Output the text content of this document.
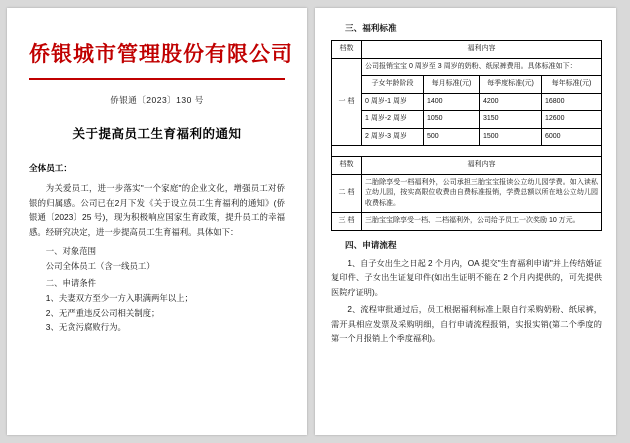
侨银城市管理股份有限公司
侨银通〔2023〕130 号
关于提高员工生育福利的通知
全体员工：

为关爱员工，进一步落实"一个家庭"的企业文化，增强员工对侨银的归属感。公司已在2月下发《关于设立员工生育福利的通知》(侨银通〔2023〕25 号)，现为积极响应国家生育政策，提升员工的幸福感。经研究决定，进一步提高员工生育福利。具体如下：

一、对象范围

公司全体员工（含一线员工）

二、申请条件

1、夫妻双方至少一方入职满两年以上；

2、无严重违反公司相关制度；

3、无贪污腐败行为。

三、福利标准
档数	福利内容			
一 档	公司报销宝宝 0 周岁至 3 周岁的奶粉、纸尿裤费用。具体标准如下：			
	子女年龄阶段	每月标准(元)	每季度标准(元)	每年标准(元)
	0 周岁-1 周岁	1400	4200	16800
	1 周岁-2 周岁	1050	3150	12600
	2 周岁-3 周岁	500	1500	6000

档数	福利内容			
二 档	二胎除享受一档福利外，公司承担三胎宝宝报读公立幼儿园学费。如入读私立幼儿园，按实高限位收费由自费标准报销，学费总额以所在地公立幼儿园收费标准。			
三 档	三胎宝宝除享受一档、二档福利外，公司给予员工一次奖励 10 万元。			
四、申请流程

1、自子女出生之日起 2 个月内，OA 提交"生育福利申请"并上传结婚证复印件、子女出生证复印件(如出生证明不能在 2 个月内提供的，可先提供医院疗证明)。

2、流程审批通过后，员工根据福利标准上限自行采购奶粉、纸尿裤，需开具相应发票及采购明细，自行申请流程报销，实报实销(第二个季度的第一个月报销上个季度福利)。
